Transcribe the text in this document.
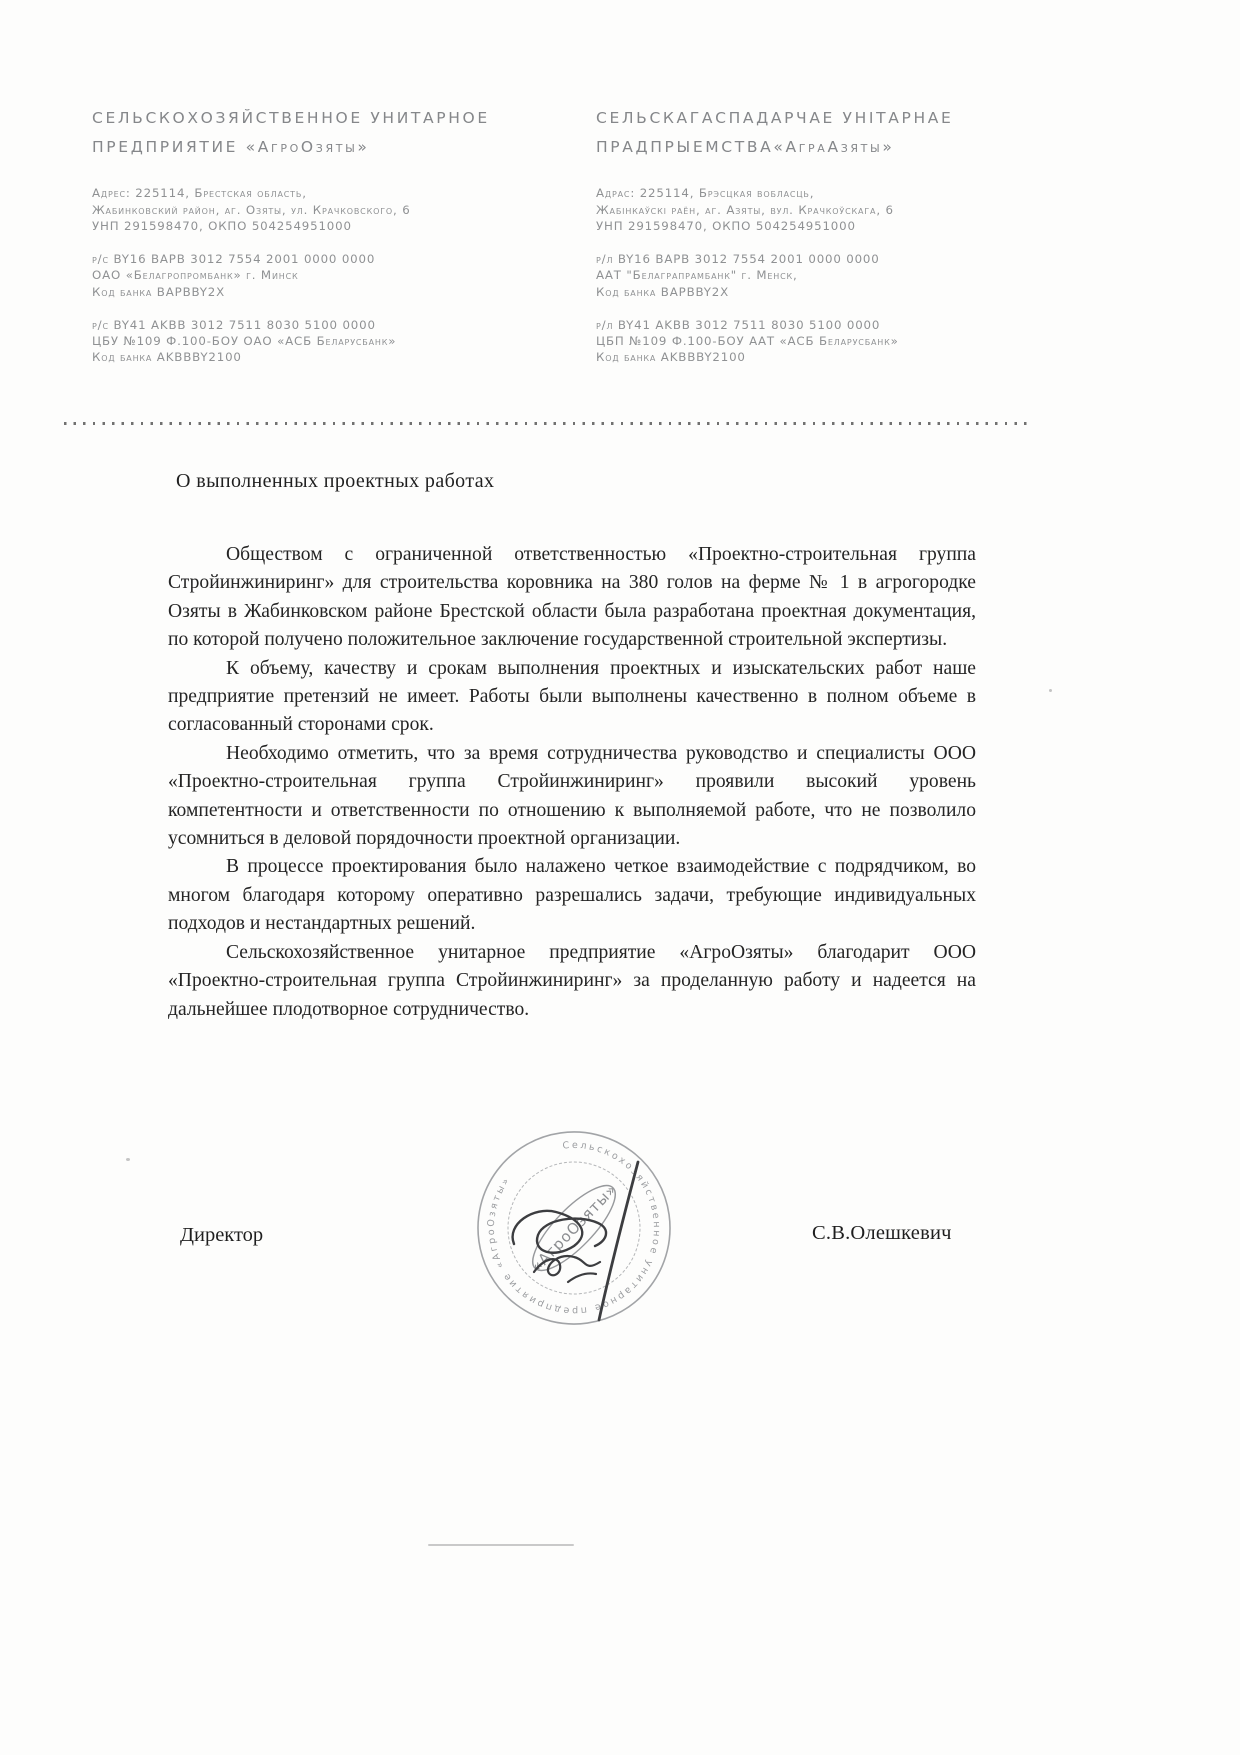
СЕЛЬСКОХОЗЯЙСТВЕННОЕ УНИТАРНОЕ
ПРЕДПРИЯТИЕ «АгроОзяты»
Адрес: 225114, Брестская область,
Жабинковский район, аг. Озяты, ул. Крачковского, 6
УНП 291598470, ОКПО 504254951000
р/с BY16 BAPB 3012 7554 2001 0000 0000
ОАО «Белагропромбанк» г. Минск
Код банка BAPBBY2X
р/с BY41 AKBB 3012 7511 8030 5100 0000
ЦБУ №109 Ф.100-БОУ ОАО «АСБ Беларусбанк»
Код банка AKBBBY2100
СЕЛЬСКАГАСПАДАРЧАЕ УНІТАРНАЕ
ПРАДПРЫЕМСТВА«АграАзяты»
Адрас: 225114, Брэсцкая вобласць,
Жабінкаўскі раён, аг. Азяты, вул. Крачкоўскага, 6
УНП 291598470, ОКПО 504254951000
р/л BY16 BAPB 3012 7554 2001 0000 0000
ААТ "Белаграпрамбанк" г. Менск,
Код банка BAPBBY2X
р/л BY41 AKBB 3012 7511 8030 5100 0000
ЦБП №109 Ф.100-БОУ ААТ «АСБ Беларусбанк»
Код банка AKBBBY2100
О выполненных проектных работах

Обществом с ограниченной ответственностью «Проектно-строительная группа Стройинжиниринг» для строительства коровника на 380 голов на ферме № 1 в агрогородке Озяты в Жабинковском районе Брестской области была разработана проектная документация, по которой получено положительное заключение государственной строительной экспертизы.

К объему, качеству и срокам выполнения проектных и изыскательских работ наше предприятие претензий не имеет. Работы были выполнены качественно в полном объеме в согласованный сторонами срок.

Необходимо отметить, что за время сотрудничества руководство и специалисты ООО «Проектно-строительная группа Стройинжиниринг» проявили высокий уровень компетентности и ответственности по отношению к выполняемой работе, что не позволило усомниться в деловой порядочности проектной организации.

В процессе проектирования было налажено четкое взаимодействие с подрядчиком, во многом благодаря которому оперативно разрешались задачи, требующие индивидуальных подходов и нестандартных решений.

Сельскохозяйственное унитарное предприятие «АгроОзяты» благодарит ООО «Проектно-строительная группа Стройинжиниринг» за проделанную работу и надеется на дальнейшее плодотворное сотрудничество.

Директор	С.В.Олешкевич
Сельскохозяйственное унитарное предприятие «АгроОзяты» «АгроОзяты»
